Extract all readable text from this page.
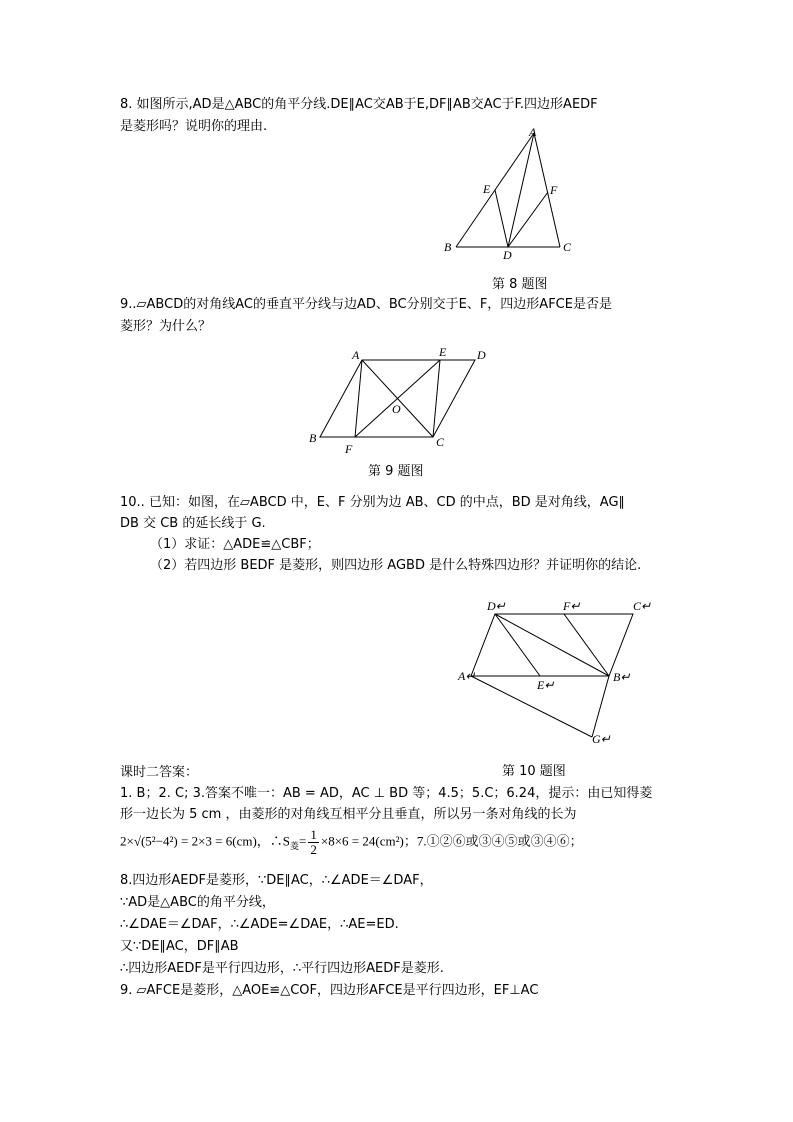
8. 如图所示,AD是△ABC的角平分线.DE∥AC交AB于E,DF∥AB交AC于F.四边形AEDF
是菱形吗？说明你的理由.	A
E	F
B
D
C
第 8 题图
9..▱ABCD的对角线AC的垂直平分线与边AD、BC分别交于E、F，四边形AFCE是否是
菱形？为什么？
A	E	D
O
B
F	C
第 9 题图
10.. 已知：如图，在▱ABCD 中，E、F 分别为边 AB、CD 的中点，BD 是对角线，AG∥
DB 交 CB 的延长线于 G.
（1）求证：△ADE≌△CBF；
（2）若四边形 BEDF 是菱形，则四边形 AGBD 是什么特殊四边形？并证明你的结论.
D↵	F↵	C↵
A↵
E↵
B↵
G↵
第 10 题图
课时二答案：
1. B；2. C; 3.答案不唯一：AB = AD，AC ⊥ BD 等；4.5；5.C；6.24，提示：由已知得菱
形一边长为 5 cm ，由菱形的对角线互相平分且垂直，所以另一条对角线的长为
2×√(5²−4²) = 2×3 = 6(cm)，$\therefore S_菱= \frac{1}{2} \times 8\times 6 = 24(cm^2)$；7.①②⑥或③④⑤或③④⑥；
8.四边形AEDF是菱形，∵DE∥AC，∴∠ADE＝∠DAF，
∵AD是△ABC的角平分线，
∴∠DAE＝∠DAF，∴∠ADE=∠DAE，∴AE=ED.
又∵DE∥AC，DF∥AB
∴四边形AEDF是平行四边形，∴平行四边形AEDF是菱形.
9. ▱AFCE是菱形，△AOE≌△COF，四边形AFCE是平行四边形，EF⊥AC
